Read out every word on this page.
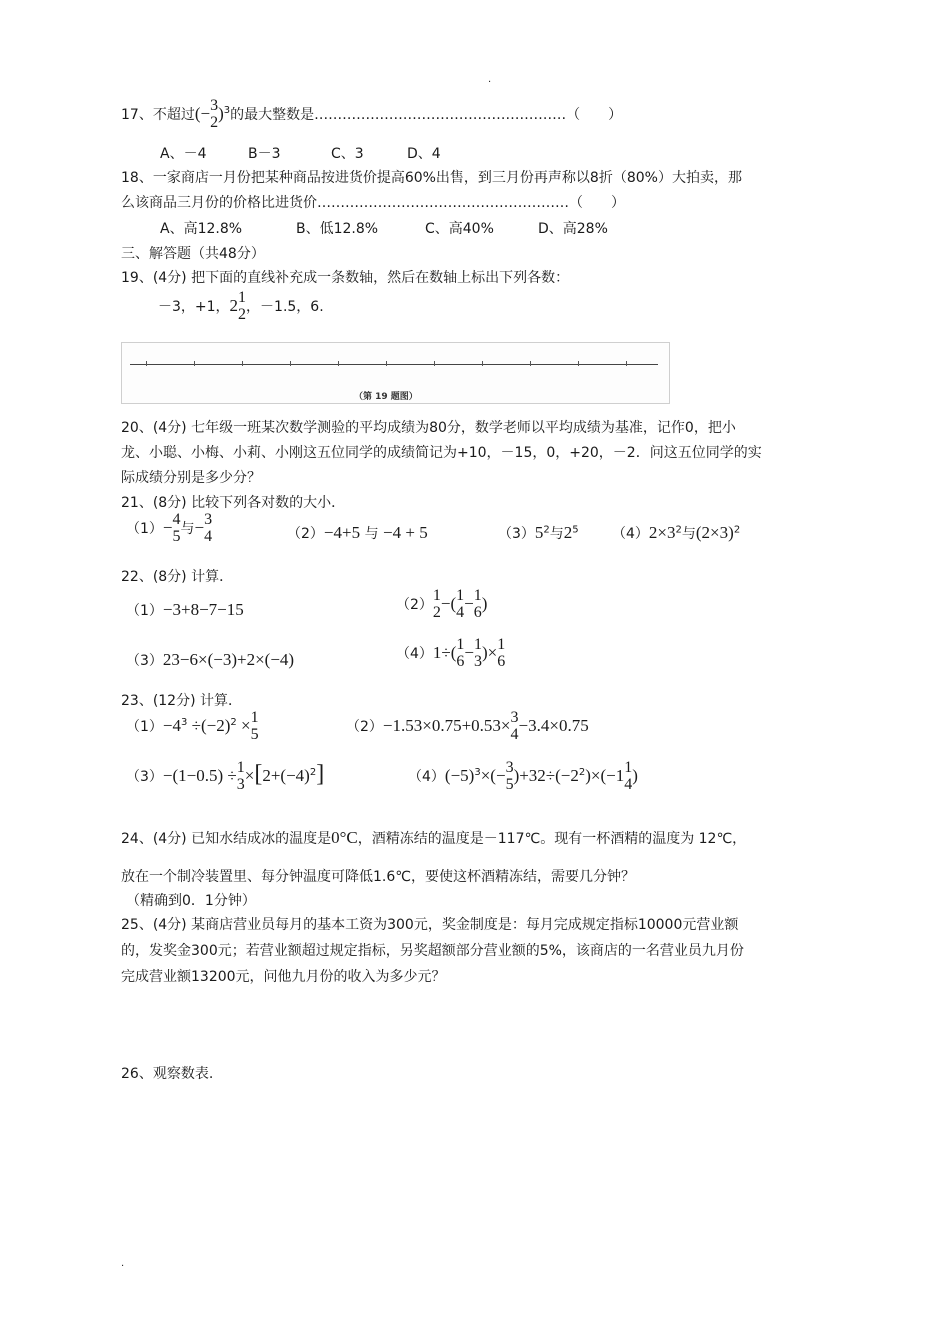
.
17、不超过(− 3
2 )$^3$的最大整数是………………………………………………（　　）
A、－4	B－3	C、3	D、4
18、一家商店一月份把某种商品按进货价提高60%出售，到三月份再声称以8折（80%）大拍卖，那
么该商品三月份的价格比进货价………………………………………………（　　）
A、高12.8%	B、低12.8%	C、高40%	D、高28%
三、解答题（共48分）
19、(4分) 把下面的直线补充成一条数轴，然后在数轴上标出下列各数：
－3，+1，2 1
2 ，－1.5，6.
（第 19 题图）
20、(4分) 七年级一班某次数学测验的平均成绩为80分，数学老师以平均成绩为基准，记作0，把小
龙、小聪、小梅、小莉、小刚这五位同学的成绩简记为+10，－15，0，+20，－2．问这五位同学的实
际成绩分别是多少分？
21、(8分) 比较下列各对数的大小．
（1）− 4
5 与− 3
4	（2）−4+5 与 −4 + 5	$(3)5^2$与$2^5$ $(4)2\times 3^2$与$(2\times 3)^2$
22、(8分) 计算．
（1）−3+8−7−15	（2）
1
2 −( 1
4 − 1
6 )
（3）23−6×(−3)+2×(−4)	（4）1÷( 1
6 − 1
3 )× 1
6
23、(12分) 计算．
$(1)-4^3 \div(-2)^2 \times 1$
5	（2）−1.53×0.75+0.53× 3
4 −3.4×0.75
（3）−(1−0.5) ÷ 1
$3 \times[2+(-4)^2]$	$(4)(-5)^3\times(- 3$
5 )$+32\div(-2^2)\times(-1$ 1
4 )
24、(4分) 已知水结成冰的温度是0°C，酒精冻结的温度是－117℃。现有一杯酒精的温度为 12℃，
放在一个制冷装置里、每分钟温度可降低1.6℃，要使这杯酒精冻结，需要几分钟？
（精确到0．1分钟）
25、(4分) 某商店营业员每月的基本工资为300元，奖金制度是：每月完成规定指标10000元营业额
的，发奖金300元；若营业额超过规定指标，另奖超额部分营业额的5%，该商店的一名营业员九月份
完成营业额13200元，问他九月份的收入为多少元？
26、观察数表.
.
